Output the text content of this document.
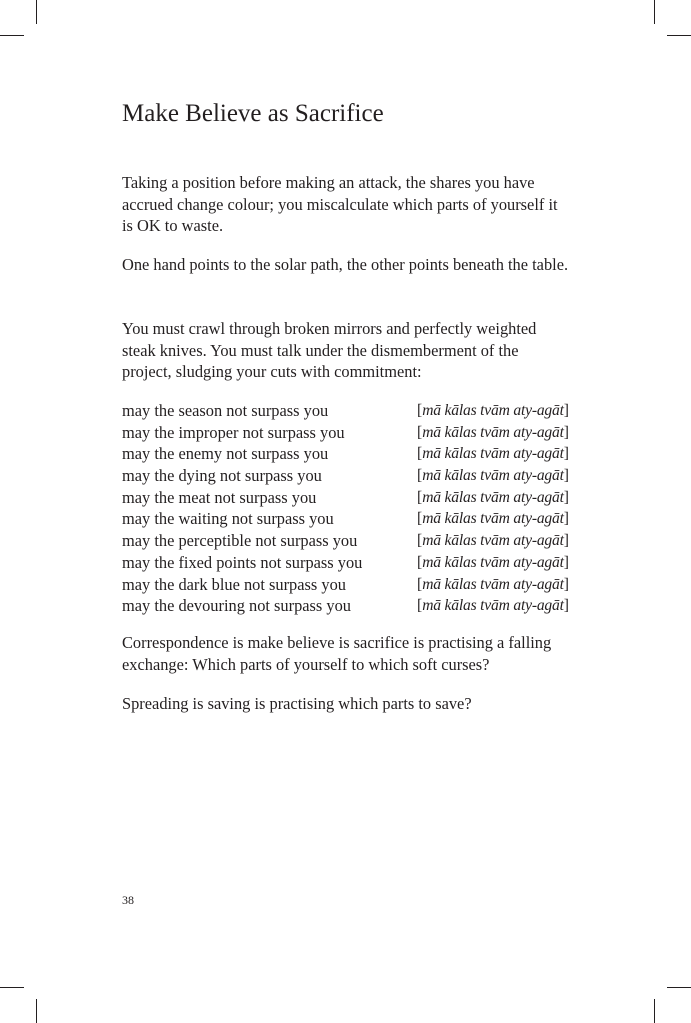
Make Believe as Sacrifice

Taking a position before making an attack, the shares you have accrued change colour; you miscalculate which parts of yourself it is OK to waste.

One hand points to the solar path, the other points beneath the table.

You must crawl through broken mirrors and perfectly weighted steak knives. You must talk under the dismemberment of the project, sludging your cuts with commitment:

may the season not surpass you	[mā kālas tvām aty-agāt]
may the improper not surpass you	[mā kālas tvām aty-agāt]
may the enemy not surpass you	[mā kālas tvām aty-agāt]
may the dying not surpass you	[mā kālas tvām aty-agāt]
may the meat not surpass you	[mā kālas tvām aty-agāt]
may the waiting not surpass you	[mā kālas tvām aty-agāt]
may the perceptible not surpass you	[mā kālas tvām aty-agāt]
may the fixed points not surpass you	[mā kālas tvām aty-agāt]
may the dark blue not surpass you	[mā kālas tvām aty-agāt]
may the devouring not surpass you	[mā kālas tvām aty-agāt]

Correspondence is make believe is sacrifice is practising a falling exchange: Which parts of yourself to which soft curses?

Spreading is saving is practising which parts to save?

38
